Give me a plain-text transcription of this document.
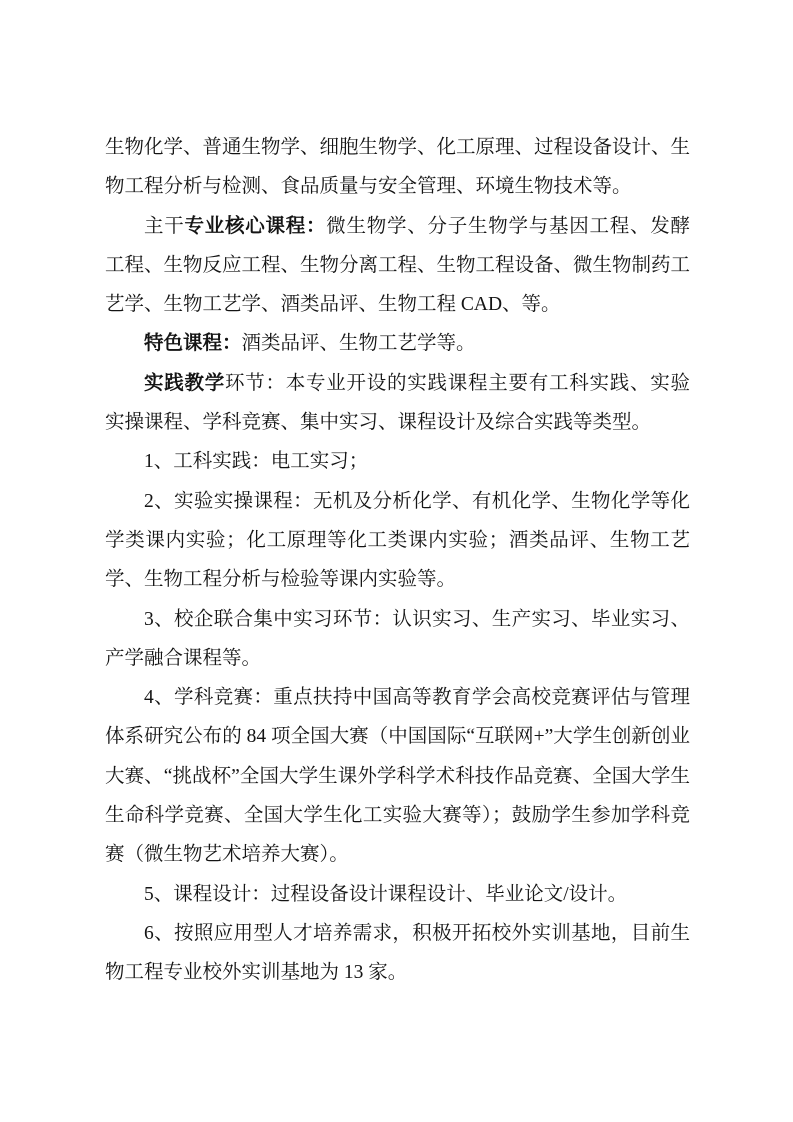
生物化学、普通生物学、细胞生物学、化工原理、过程设备设计、生物工程分析与检测、食品质量与安全管理、环境生物技术等。

主干专业核心课程：微生物学、分子生物学与基因工程、发酵工程、生物反应工程、生物分离工程、生物工程设备、微生物制药工艺学、生物工艺学、酒类品评、生物工程 CAD、等。

特色课程：酒类品评、生物工艺学等。

实践教学环节：本专业开设的实践课程主要有工科实践、实验实操课程、学科竞赛、集中实习、课程设计及综合实践等类型。

1、工科实践：电工实习；

2、实验实操课程：无机及分析化学、有机化学、生物化学等化学类课内实验；化工原理等化工类课内实验；酒类品评、生物工艺学、生物工程分析与检验等课内实验等。

3、校企联合集中实习环节：认识实习、生产实习、毕业实习、产学融合课程等。

4、学科竞赛：重点扶持中国高等教育学会高校竞赛评估与管理体系研究公布的 84 项全国大赛（中国国际“互联网+”大学生创新创业大赛、“挑战杯”全国大学生课外学科学术科技作品竞赛、全国大学生生命科学竞赛、全国大学生化工实验大赛等）；鼓励学生参加学科竞赛（微生物艺术培养大赛）。

5、课程设计：过程设备设计课程设计、毕业论文/设计。

6、按照应用型人才培养需求，积极开拓校外实训基地，目前生物工程专业校外实训基地为 13 家。
